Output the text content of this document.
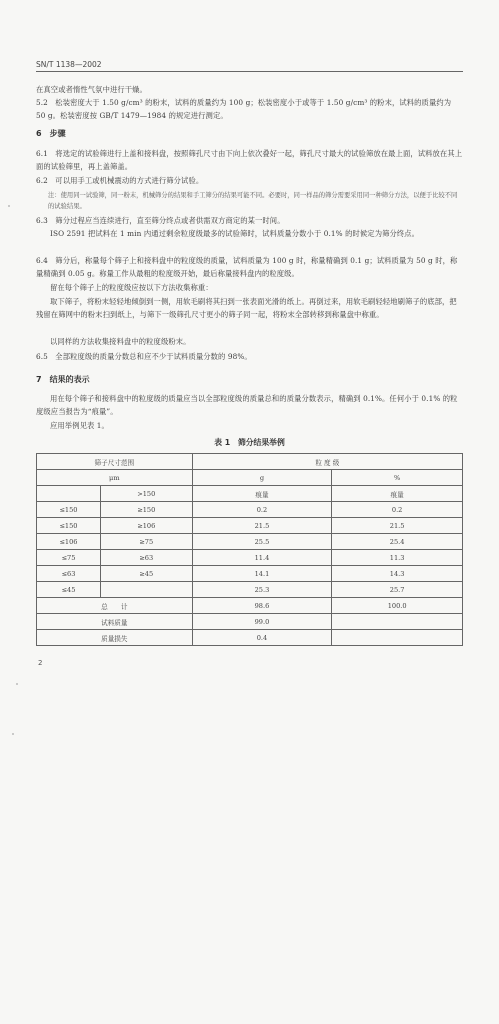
SN/T 1138—2002

在真空或者惰性气氛中进行干燥。

5.2　松装密度大于 1.50 g/cm³ 的粉末，试料的质量约为 100 g；松装密度小于或等于 1.50 g/cm³ 的粉末，试料的质量约为 50 g。松装密度按 GB/T 1479—1984 的规定进行测定。

6　步骤

6.1　将选定的试验筛进行上盖和接料盘，按照筛孔尺寸由下向上依次叠好一起，筛孔尺寸最大的试验筛放在最上面，试料放在其上面的试验筛里，再上盖筛盖。

6.2　可以用手工或机械震动的方式进行筛分试验。

注：使用同一试验筛，同一粉末，机械筛分的结果和手工筛分的结果可能不同。必要时，同一样品的筛分需要采用同一种筛分方法，以便于比较不同的试验结果。

6.3　筛分过程应当连续进行，直至筛分终点或者供需双方商定的某一时间。

ISO 2591 把试料在 1 min 内通过剩余粒度级最多的试验筛时，试料质量分数小于 0.1% 的时候定为筛分终点。

6.4　筛分后，称量每个筛子上和接料盘中的粒度级的质量，试料质量为 100 g 时，称量精确到 0.1 g；试料质量为 50 g 时，称量精确到 0.05 g。称量工作从最粗的粒度级开始，最后称量接料盘内的粒度级。

留在每个筛子上的粒度级应按以下方法收集称重：

取下筛子，将粉末轻轻地倾倒到一侧，用软毛刷将其扫到一张表面光滑的纸上。再倒过来，用软毛刷轻轻地刷筛子的底部，把残留在筛网中的粉末扫到纸上，与筛下一级筛孔尺寸更小的筛子同一起，将粉末全部转移到称量盘中称重。

以同样的方法收集接料盘中的粒度级粉末。

6.5　全部粒度级的质量分数总和应不少于试料质量分数的 98%。

7　结果的表示

用在每个筛子和接料盘中的粒度级的质量应当以全部粒度级的质量总和的质量分数表示，精确到 0.1%。任何小于 0.1% 的粒度级应当报告为“痕量”。

应用举例见表 1。

表 1　筛分结果举例
筛子尺寸范围		粒 度 级	
μm		g	%
	>150	痕量	痕量
≤150	≥150	0.2	0.2
≤150	≥106	21.5	21.5
≤106	≥75	25.5	25.4
≤75	≥63	11.4	11.3
≤63	≥45	14.1	14.3
≤45		25.3	25.7
总　　计		98.6	100.0
试料质量		99.0	
质量损失		0.4	
2
